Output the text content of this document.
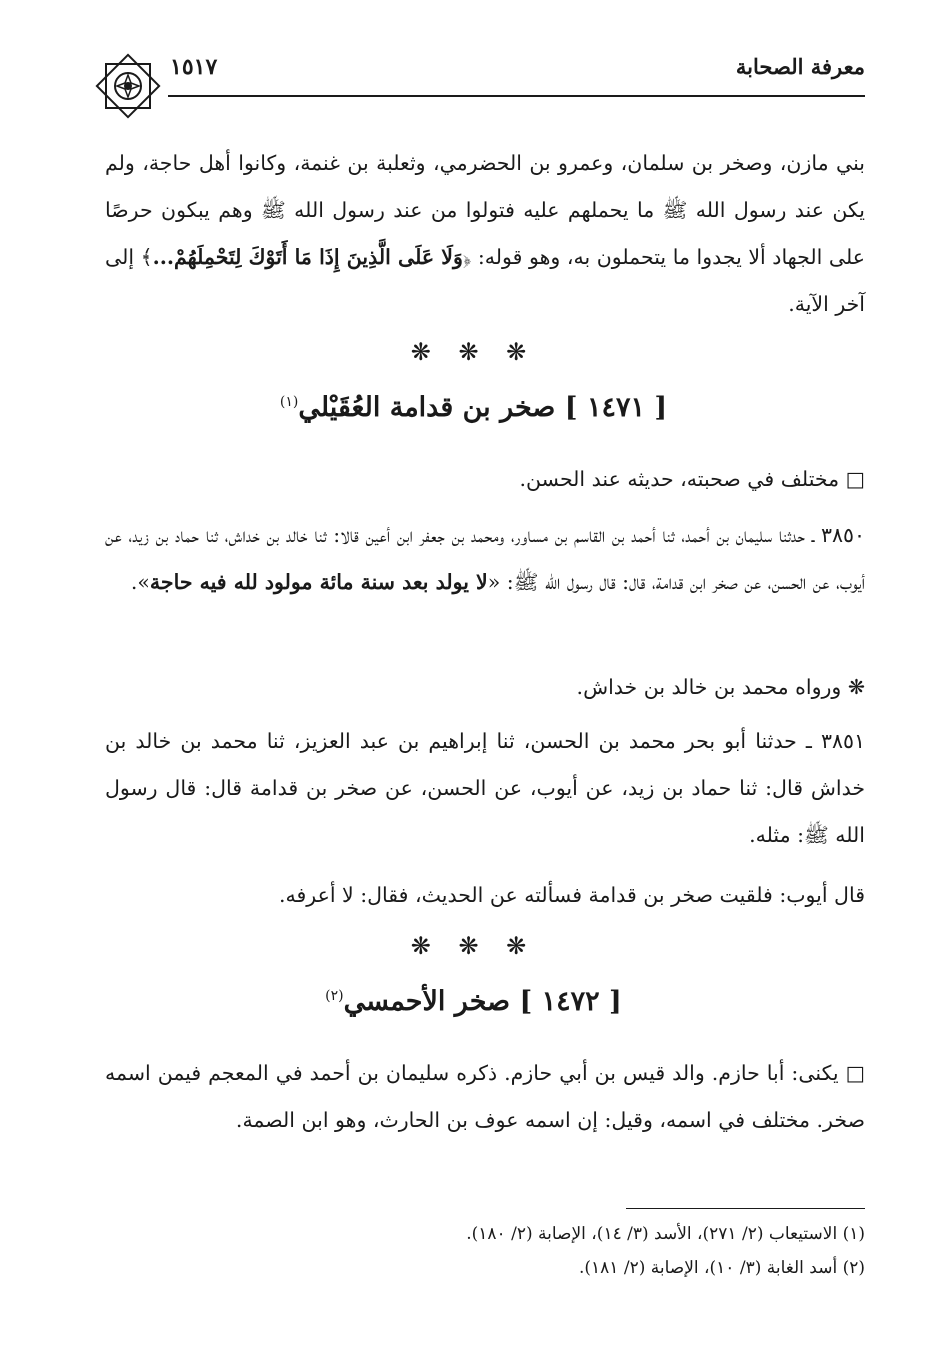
معرفة الصحابة
١٥١٧
بني مازن، وصخر بن سلمان، وعمرو بن الحضرمي، وثعلبة بن غنمة، وكانوا أهل حاجة، ولم يكن عند رسول الله ﷺ ما يحملهم عليه فتولوا من عند رسول الله ﷺ وهم يبكون حرصًا على الجهاد ألا يجدوا ما يتحملون به، وهو قوله: ﴿وَلَا عَلَى الَّذِينَ إِذَا مَا أَتَوْكَ لِتَحْمِلَهُمْ...﴾ إلى آخر الآية.
❋ ❋ ❋
[ ١٤٧١ ] صخر بن قدامة العُقَيْلي$^{(١)}$
□ مختلف في صحبته، حديثه عند الحسن.
٣٨٥٠ ـ حدثنا سليمان بن أحمد، ثنا أحمد بن القاسم بن مساور، ومحمد بن جعفر ابن أعين قالا: ثنا خالد بن خداش، ثنا حماد بن زيد، عن أيوب، عن الحسن، عن صخر ابن قدامة، قال: قال رسول الله ﷺ: «لا يولد بعد سنة مائة مولود لله فيه حاجة».
❋ ورواه محمد بن خالد بن خداش.
٣٨٥١ ـ حدثنا أبو بحر محمد بن الحسن، ثنا إبراهيم بن عبد العزيز، ثنا محمد بن خالد بن خداش قال: ثنا حماد بن زيد، عن أيوب، عن الحسن، عن صخر بن قدامة قال: قال رسول الله ﷺ: مثله.
قال أيوب: فلقيت صخر بن قدامة فسألته عن الحديث، فقال: لا أعرفه.
❋ ❋ ❋
[ ١٤٧٢ ] صخر الأحمسي$^{(٢)}$
□ يكنى: أبا حازم. والد قيس بن أبي حازم. ذكره سليمان بن أحمد في المعجم فيمن اسمه صخر. مختلف في اسمه، وقيل: إن اسمه عوف بن الحارث، وهو ابن الصمة.
(١) الاستيعاب (٢/ ٢٧١)، الأسد (٣/ ١٤)، الإصابة (٢/ ١٨٠).
(٢) أسد الغابة (٣/ ١٠)، الإصابة (٢/ ١٨١).
